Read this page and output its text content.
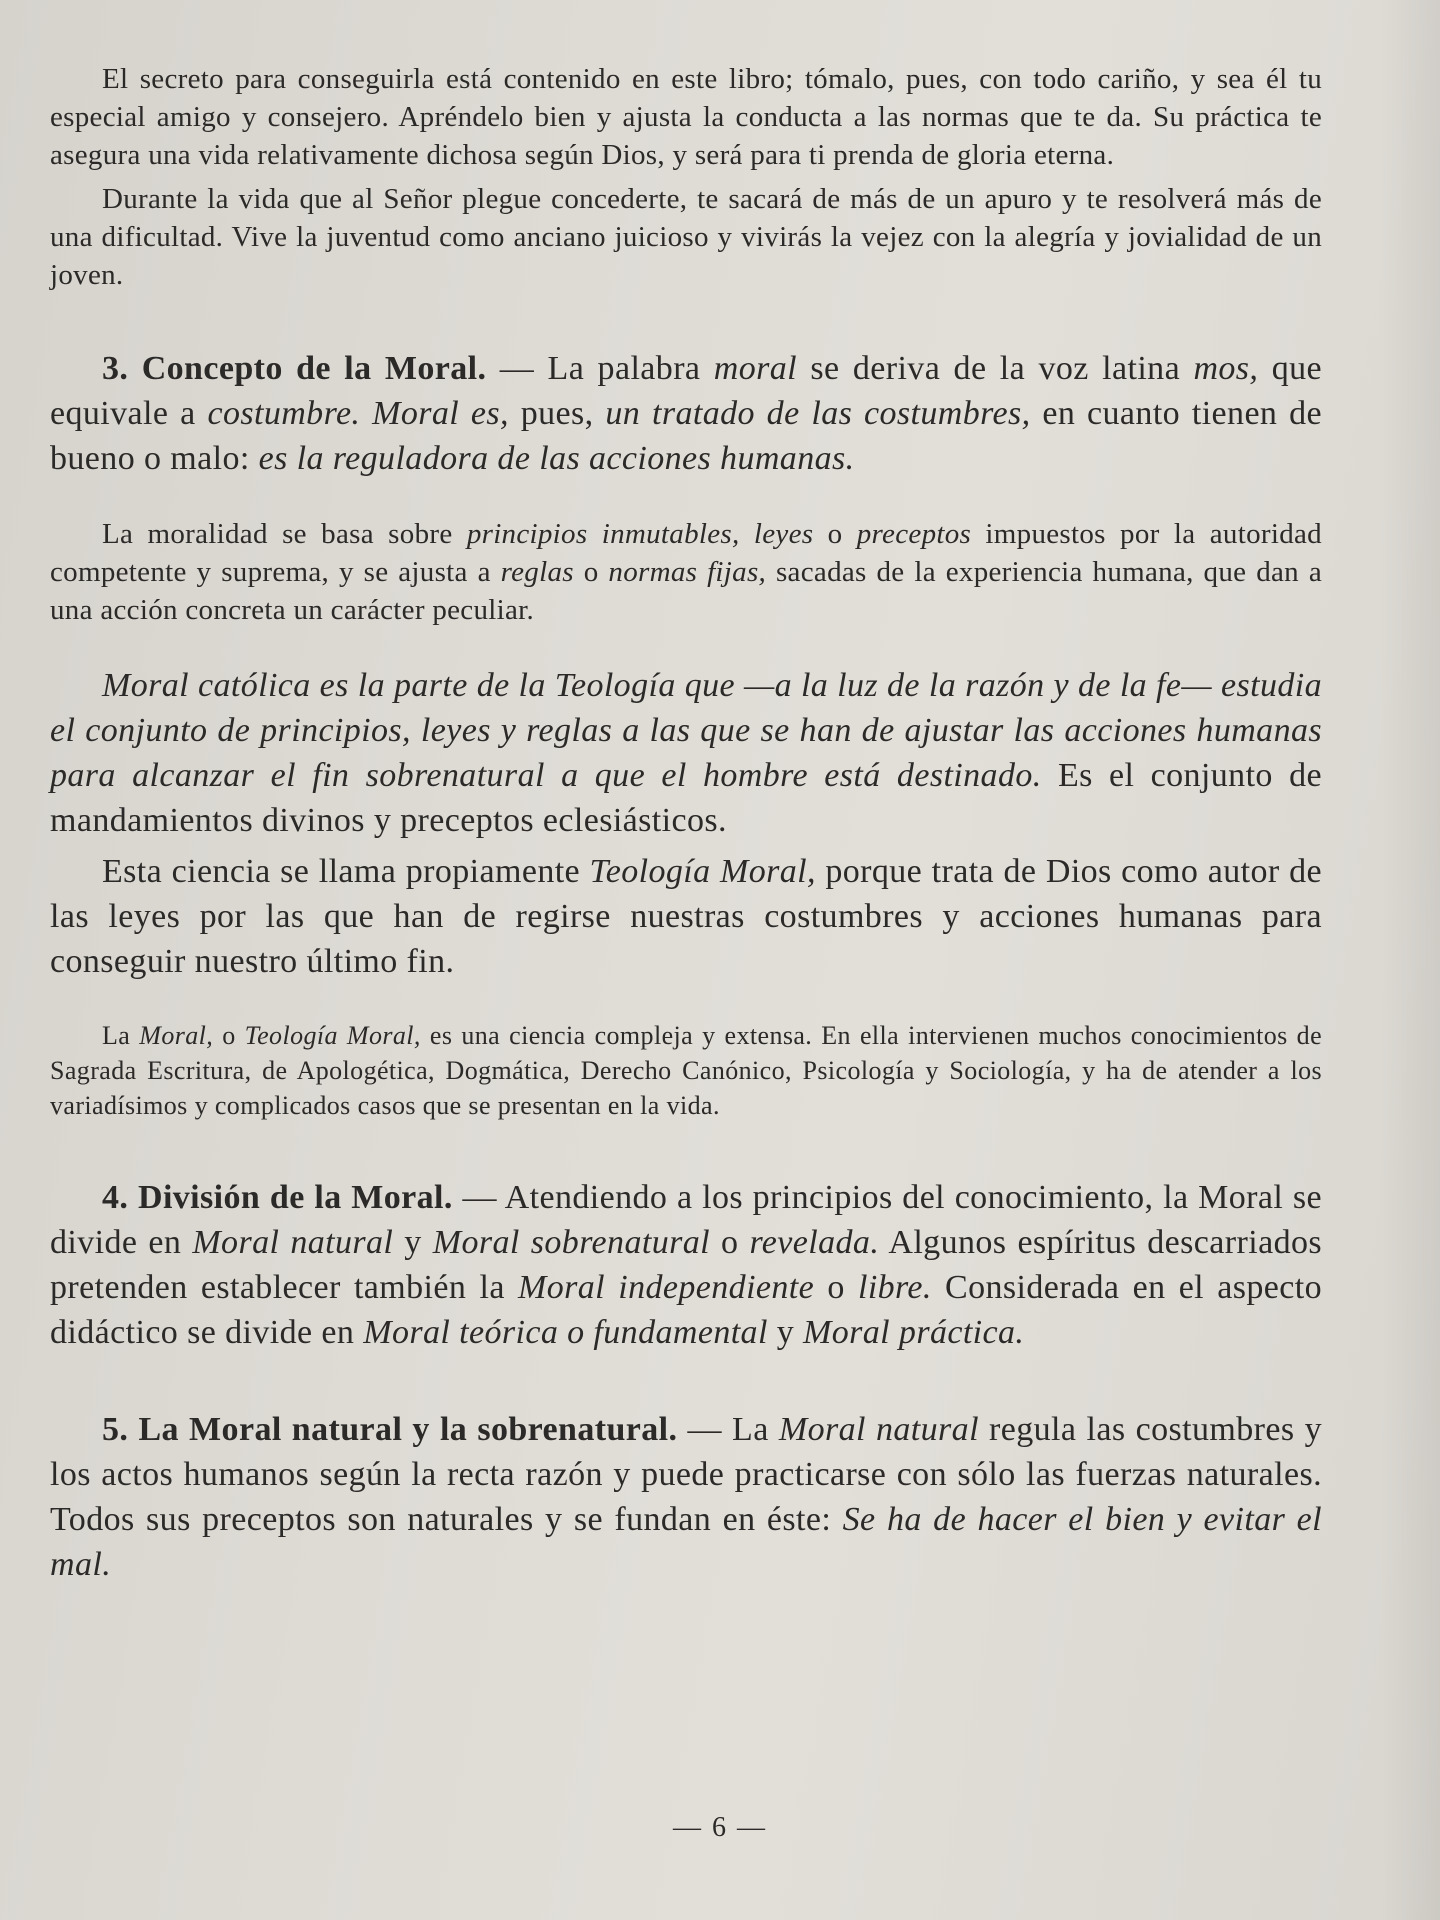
El secreto para conseguirla está contenido en este libro; tómalo, pues, con todo cariño, y sea él tu especial amigo y consejero. Apréndelo bien y ajusta la conducta a las normas que te da. Su práctica te asegura una vida relativamente dichosa según Dios, y será para ti prenda de gloria eterna.

Durante la vida que al Señor plegue concederte, te sacará de más de un apuro y te resolverá más de una dificultad. Vive la juventud como anciano juicioso y vivirás la vejez con la alegría y jovialidad de un joven.

3. Concepto de la Moral. — La palabra moral se deriva de la voz latina mos, que equivale a costumbre. Moral es, pues, un tratado de las costumbres, en cuanto tienen de bueno o malo: es la reguladora de las acciones humanas.

La moralidad se basa sobre principios inmutables, leyes o preceptos impuestos por la autoridad competente y suprema, y se ajusta a reglas o normas fijas, sacadas de la experiencia humana, que dan a una acción concreta un carácter peculiar.

Moral católica es la parte de la Teología que —a la luz de la razón y de la fe— estudia el conjunto de principios, leyes y reglas a las que se han de ajustar las acciones humanas para alcanzar el fin sobrenatural a que el hombre está destinado. Es el conjunto de mandamientos divinos y preceptos eclesiásticos.

Esta ciencia se llama propiamente Teología Moral, porque trata de Dios como autor de las leyes por las que han de regirse nuestras costumbres y acciones humanas para conseguir nuestro último fin.

La Moral, o Teología Moral, es una ciencia compleja y extensa. En ella intervienen muchos conocimientos de Sagrada Escritura, de Apologética, Dogmática, Derecho Canónico, Psicología y Sociología, y ha de atender a los variadísimos y complicados casos que se presentan en la vida.

4. División de la Moral. — Atendiendo a los principios del conocimiento, la Moral se divide en Moral natural y Moral sobrenatural o revelada. Algunos espíritus descarriados pretenden establecer también la Moral independiente o libre. Considerada en el aspecto didáctico se divide en Moral teórica o fundamental y Moral práctica.

5. La Moral natural y la sobrenatural. — La Moral natural regula las costumbres y los actos humanos según la recta razón y puede practicarse con sólo las fuerzas naturales. Todos sus preceptos son naturales y se fundan en éste: Se ha de hacer el bien y evitar el mal.

— 6 —
